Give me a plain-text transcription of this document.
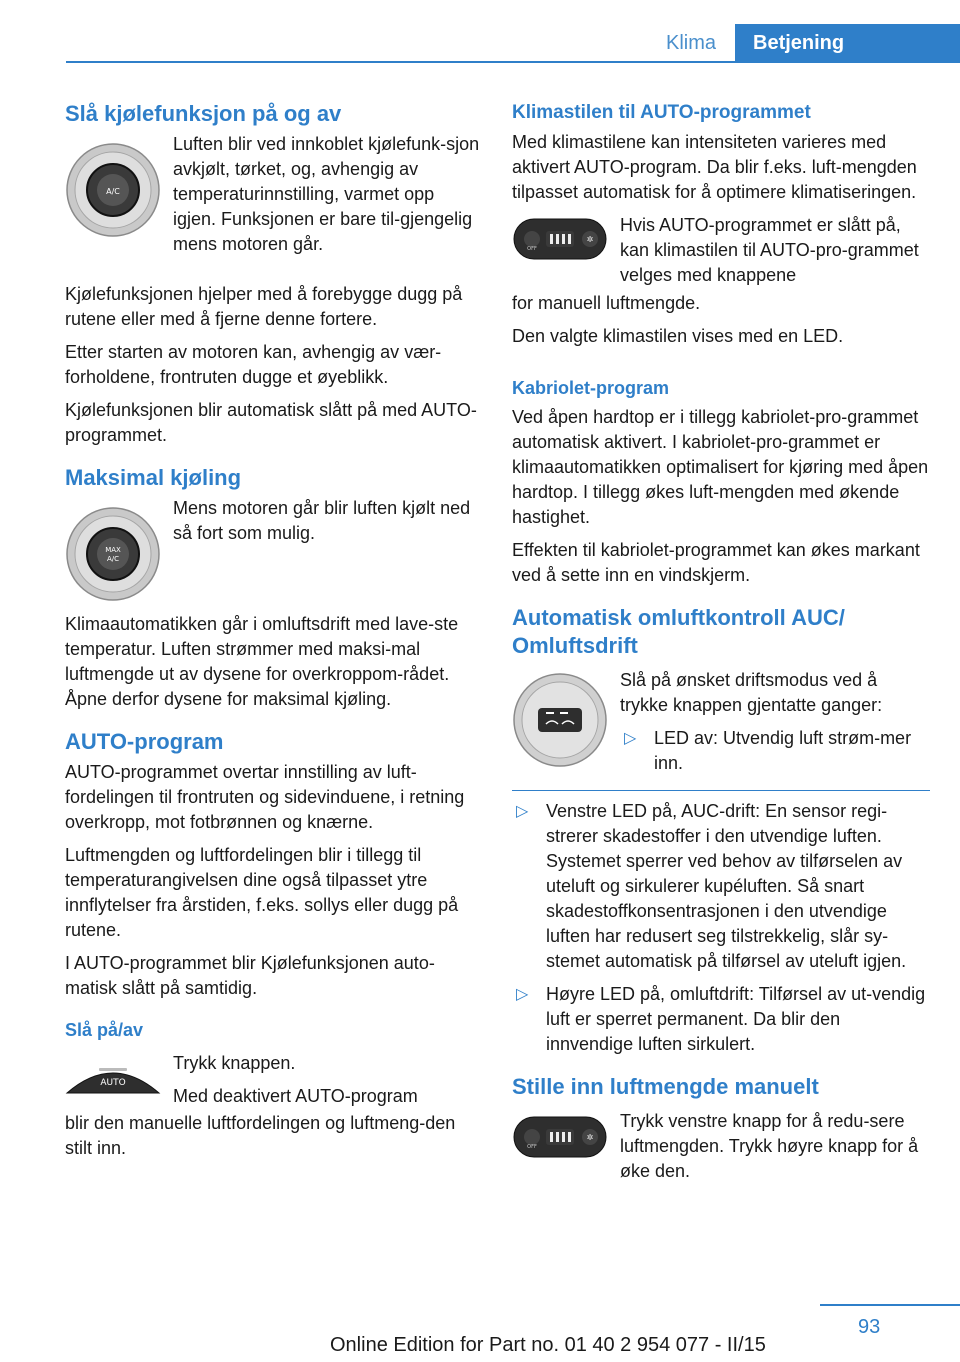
Klima	Betjening
Slå kjølefunksjon på og av
A/C

Luften blir ved innkoblet kjølefunk-sjon avkjølt, tørket, og, avhengig av temperaturinnstilling, varmet opp igjen. Funksjonen er bare til-gjengelig mens motoren går.

Kjølefunksjonen hjelper med å forebygge dugg på rutene eller med å fjerne denne fortere.

Etter starten av motoren kan, avhengig av vær-forholdene, frontruten dugge et øyeblikk.

Kjølefunksjonen blir automatisk slått på med AUTO-programmet.

Maksimal kjøling
MAX
A/C

Mens motoren går blir luften kjølt ned så fort som mulig.

Klimaautomatikken går i omluftsdrift med lave-ste temperatur. Luften strømmer med maksi-mal luftmengde ut av dysene for overkroppom-rådet. Åpne derfor dysene for maksimal kjøling.

AUTO-program

AUTO-programmet overtar innstilling av luft-fordelingen til frontruten og sidevinduene, i retning overkropp, mot fotbrønnen og knærne.

Luftmengden og luftfordelingen blir i tillegg til temperaturangivelsen dine også tilpasset ytre innflytelser fra årstiden, f.eks. sollys eller dugg på rutene.

I AUTO-programmet blir Kjølefunksjonen auto-matisk slått på samtidig.

Slå på/av
AUTO

Trykk knappen.

Med deaktivert AUTO-program

blir den manuelle luftfordelingen og luftmeng-den stilt inn.

Klimastilen til AUTO-programmet

Med klimastilene kan intensiteten varieres med aktivert AUTO-program. Da blir f.eks. luft-mengden tilpasset automatisk for å optimere klimatiseringen.

OFF
✲

Hvis AUTO-programmet er slått på, kan klimastilen til AUTO-pro-grammet velges med knappene

for manuell luftmengde.

Den valgte klimastilen vises med en LED.

Kabriolet-program

Ved åpen hardtop er i tillegg kabriolet-pro-grammet automatisk aktivert. I kabriolet-pro-grammet er klimaautomatikken optimalisert for kjøring med åpen hardtop. I tillegg økes luft-mengden med økende hastighet.

Effekten til kabriolet-programmet kan økes markant ved å sette inn en vindskjerm.

Automatisk omluftkontroll AUC/ Omluftsdrift

Slå på ønsket driftsmodus ved å trykke knappen gjentatte ganger:

▷ LED av: Utvendig luft strøm-mer inn.
▷ Venstre LED på, AUC-drift: En sensor regi-strerer skadestoffer i den utvendige luften. Systemet sperrer ved behov av tilførselen av uteluft og sirkulerer kupéluften. Så snart skadestoffkonsentrasjonen i den utvendige luften har redusert seg tilstrekkelig, slår sy-stemet automatisk på tilførsel av uteluft igjen.
▷ Høyre LED på, omluftdrift: Tilførsel av ut-vendig luft er sperret permanent. Da blir den innvendige luften sirkulert.
Stille inn luftmengde manuelt
OFF
✲

Trykk venstre knapp for å redu-sere luftmengden. Trykk høyre knapp for å øke den.

93
Online Edition for Part no. 01 40 2 954 077 - II/15
